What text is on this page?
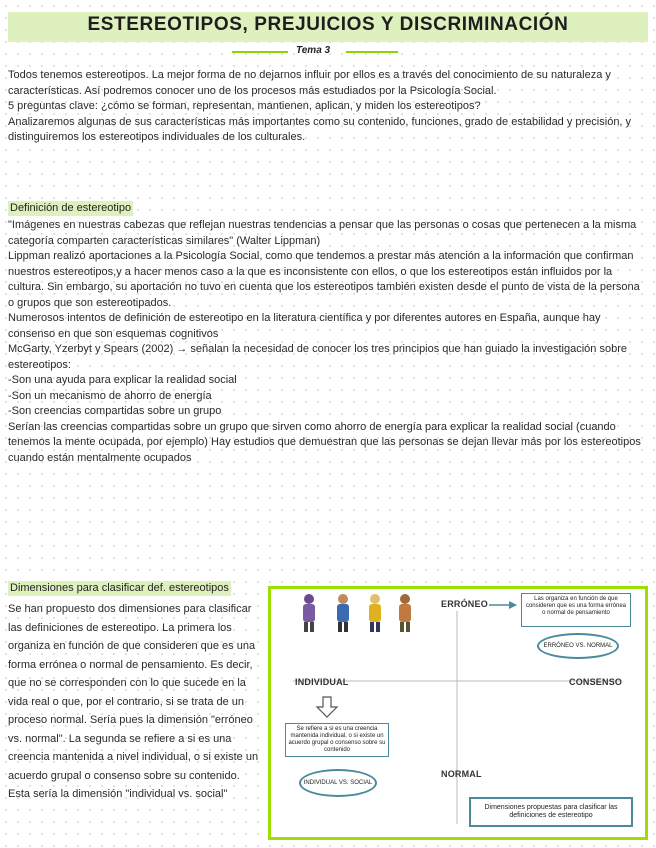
ESTEREOTIPOS, PREJUICIOS Y DISCRIMINACIÓN
Tema 3

Todos tenemos estereotipos. La mejor forma de no dejarnos influir por ellos es a través del conocimiento de su naturaleza y características. Así podremos conocer uno de los procesos más estudiados por la Psicología Social.

5 preguntas clave: ¿cómo se forman, representan, mantienen, aplican, y miden los estereotipos?

Analizaremos algunas de sus características más importantes como su contenido, funciones, grado de estabilidad y precisión, y distinguiremos los estereotipos individuales de los culturales.

Definición de estereotipo

"Imágenes en nuestras cabezas que reflejan nuestras tendencias a pensar que las personas o cosas que pertenecen a la misma categoría comparten características similares" (Walter Lippman)

Lippman realizó aportaciones a la Psicología Social, como que tendemos a prestar más atención a la información que confirman nuestros estereotipos,y a hacer menos caso a la que es inconsistente con ellos, o que los estereotipos están influidos por la cultura. Sin embargo, su aportación no tuvo en cuenta que los estereotipos también existen desde el punto de vista de la persona o grupos que son estereotipados.

Numerosos intentos de definición de estereotipo en la literatura científica y por diferentes autores en España, aunque hay consenso en que son esquemas cognitivos

McGarty, Yzerbyt y Spears (2002) → señalan la necesidad de conocer los tres principios que han guiado la investigación sobre estereotipos:

-Son una ayuda para explicar la realidad social

-Son un mecanismo de ahorro de energía

-Son creencias compartidas sobre un grupo

Serían las creencias compartidas sobre un grupo que sirven como ahorro de energía para explicar la realidad social (cuando tenemos la mente ocupada, por ejemplo) Hay estudios que demuestran que las personas se dejan llevar más por los estereotipos cuando están mentalmente ocupados

Dimensiones para clasificar def. estereotipos

Se han propuesto dos dimensiones para clasificar las definiciones de estereotipo. La primera los organiza en función de que consideren que es una forma errónea o normal de pensamiento. Es decir, que no se corresponden con lo que sucede en la vida real o que, por el contrario, si se trata de un proceso normal. Sería pues la dimensión "erróneo vs. normal". La segunda se refiere a si es una creencia mantenida a nivel individual, o si existe un acuerdo grupal o consenso sobre su contenido. Esta sería la dimensión "individual vs. social"

ERRÓNEO
NORMAL
INDIVIDUAL	CONSENSO
Las organiza en función de que consideren que es una forma errónea o normal de pensamiento
ERRÓNEO VS. NORMAL
Se refiere a si es una creencia mantenida individual, o si existe un acuerdo grupal o consenso sobre su contenido
INDIVIDUAL VS. SOCIAL
Dimensiones propuestas para clasificar las definiciones de estereotipo
